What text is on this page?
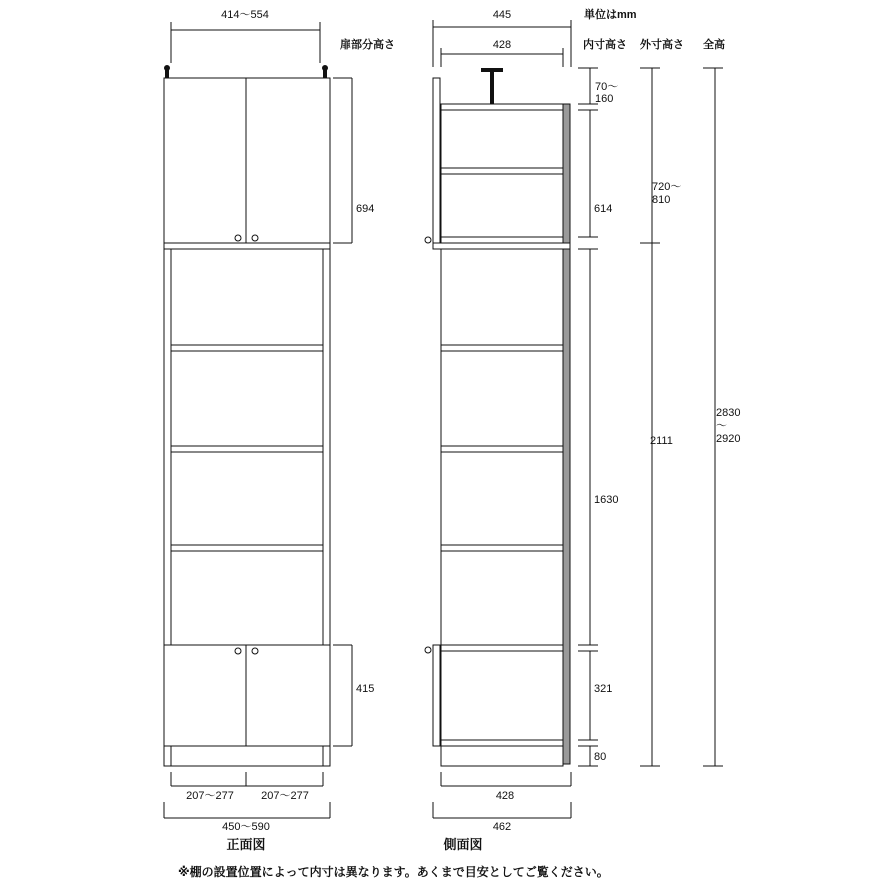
414～554
694
415
207～277 207～277
450～590
正面図
445
428
428
462
側面図
単位はmm
扉部分高さ	内寸高さ 外寸高さ 全高
70～ 160
614
1630
321
80
720～ 810
2111
2830 ～ 2920
※棚の設置位置によって内寸は異なります。あくまで目安としてご覧ください。
